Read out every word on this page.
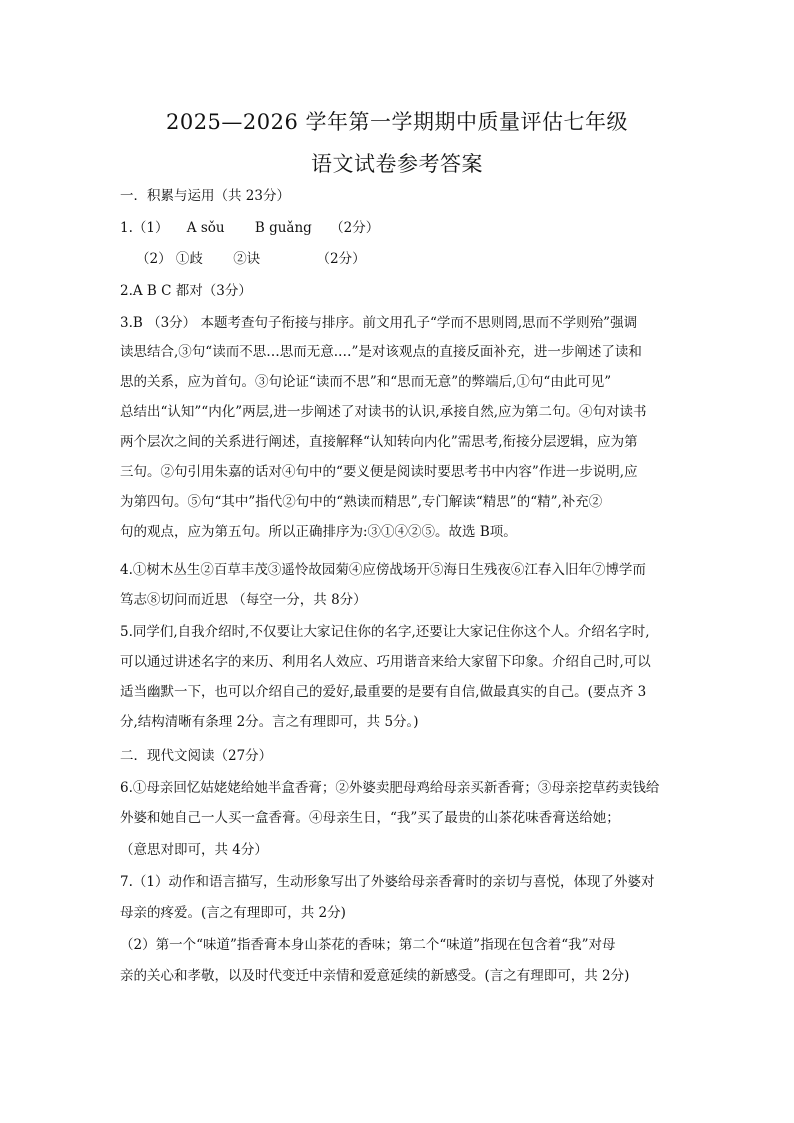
2025—2026 学年第一学期期中质量评估七年级
语文试卷参考答案
一．积累与运用（共 23分）
1.（1） A sǒu B guǎng （2分）
（2） ①歧 ②诀	（2分）
2.A B C 都对（3分）
3.B （3分） 本题考查句子衔接与排序。前文用孔子“学而不思则罔,思而不学则殆”强调
读思结合,③句“读而不思…思而无意.…”是对该观点的直接反面补充，进一步阐述了读和
思的关系，应为首句。③句论证“读而不思”和“思而无意”的弊端后,①句“由此可见”
总结出“认知”“内化”两层,进一步阐述了对读书的认识,承接自然,应为第二句。④句对读书
两个层次之间的关系进行阐述，直接解释“认知转向内化”需思考,衔接分层逻辑，应为第
三句。②句引用朱嘉的话对④句中的“要义便是阅读时要思考书中内容”作进一步说明,应
为第四句。⑤句“其中”指代②句中的“熟读而精思”,专门解读“精思”的“精”,补充②
句的观点，应为第五句。所以正确排序为:③①④②⑤。故选 B项。
4.①树木丛生②百草丰茂③遥怜故园菊④应傍战场开⑤海日生残夜⑥江春入旧年⑦博学而
笃志⑧切问而近思 （每空一分，共 8分）
5.同学们,自我介绍时,不仅要让大家记住你的名字,还要让大家记住你这个人。介绍名字时,
可以通过讲述名字的来历、利用名人效应、巧用谐音来给大家留下印象。介绍自己时,可以
适当幽默一下，也可以介绍自己的爱好,最重要的是要有自信,做最真实的自己。(要点齐 3
分,结构清晰有条理 2分。言之有理即可，共 5分。)
二．现代文阅读（27分）
6.①母亲回忆姑姥姥给她半盒香膏；②外婆卖肥母鸡给母亲买新香膏；③母亲挖草药卖钱给
外婆和她自己一人买一盒香膏。④母亲生日，“我”买了最贵的山茶花味香膏送给她；
（意思对即可，共 4分）
7.（1）动作和语言描写，生动形象写出了外婆给母亲香膏时的亲切与喜悦，体现了外婆对
母亲的疼爱。(言之有理即可，共 2分)
（2）第一个“味道”指香膏本身山茶花的香味；第二个“味道”指现在包含着“我”对母
亲的关心和孝敬，以及时代变迁中亲情和爱意延续的新感受。(言之有理即可，共 2分)
